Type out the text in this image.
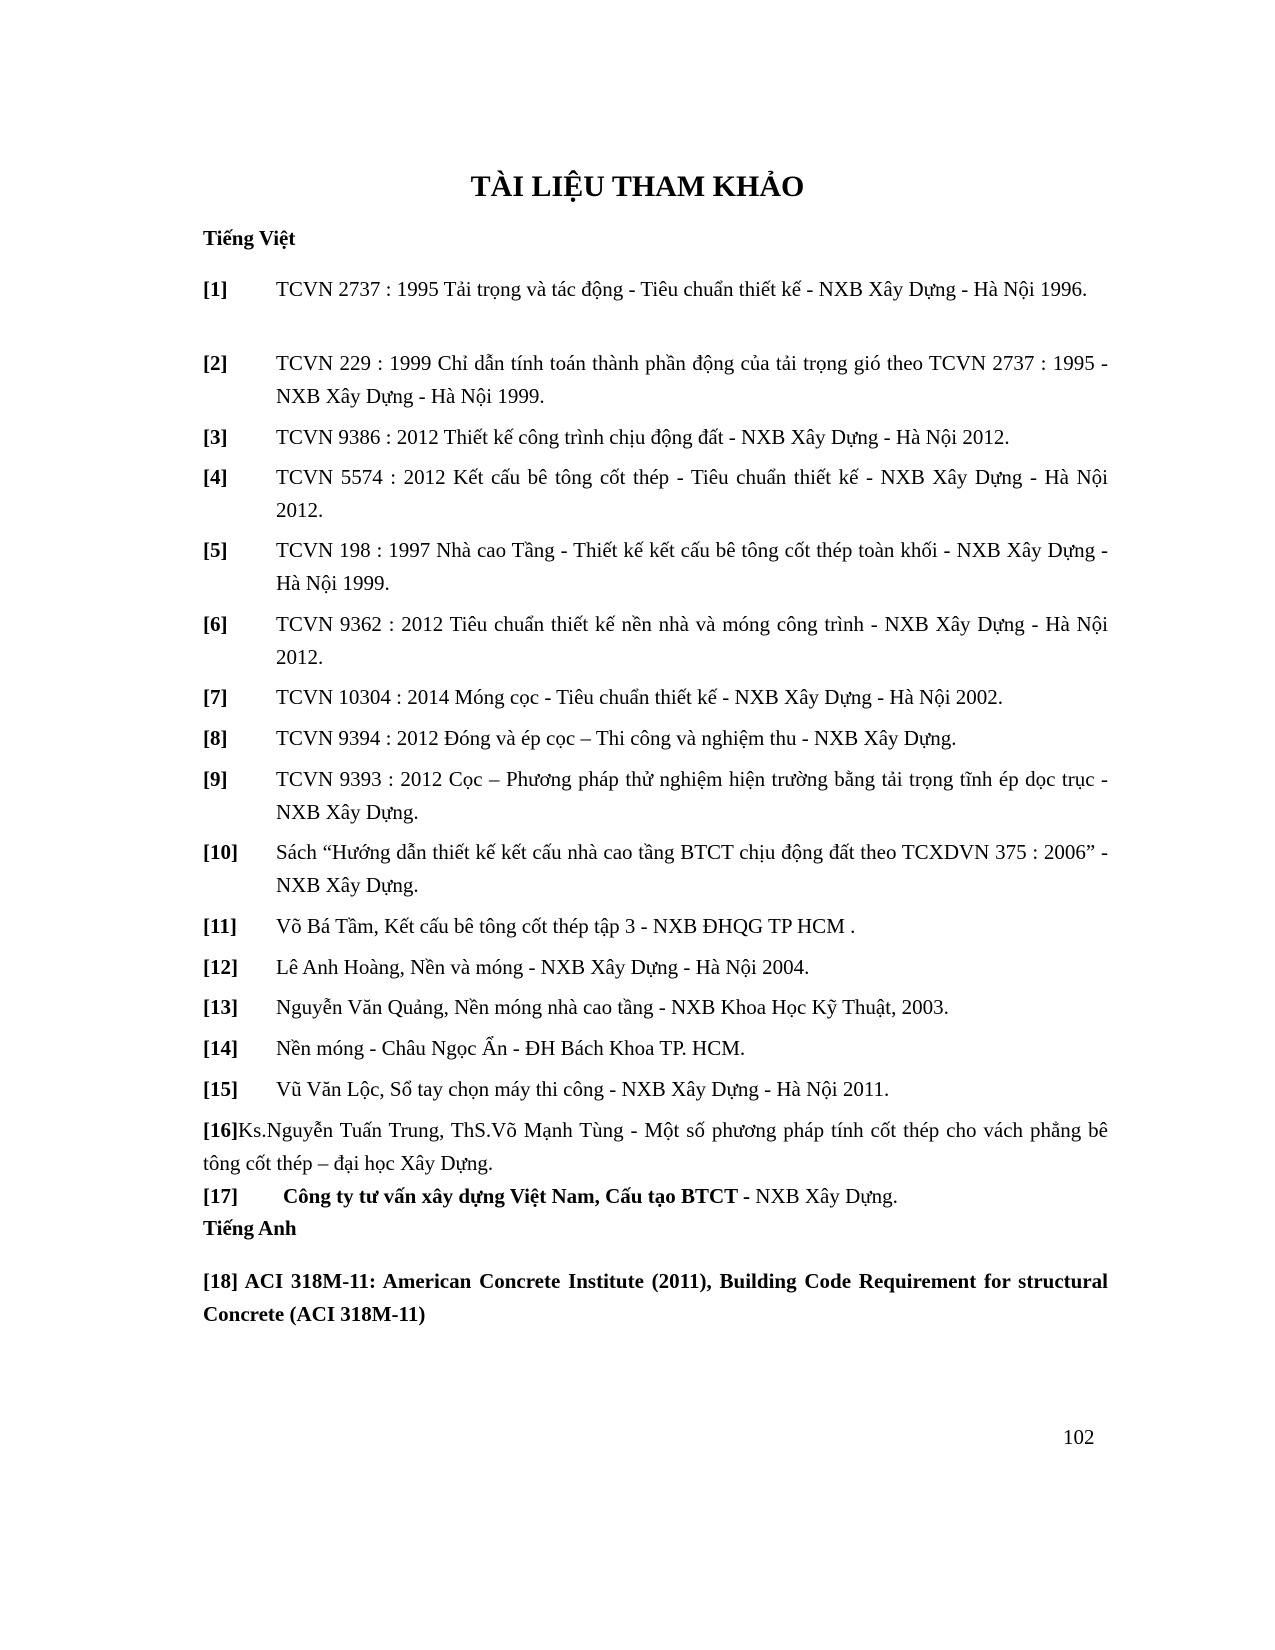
TÀI LIỆU THAM KHẢO
Tiếng Việt
[1] TCVN 2737 : 1995 Tải trọng và tác động - Tiêu chuẩn thiết kế - NXB Xây Dựng - Hà Nội 1996.
[2] TCVN 229 : 1999 Chỉ dẫn tính toán thành phần động của tải trọng gió theo TCVN 2737 : 1995 - NXB Xây Dựng - Hà Nội 1999.
[3] TCVN 9386 : 2012 Thiết kế công trình chịu động đất - NXB Xây Dựng - Hà Nội 2012.
[4] TCVN 5574 : 2012 Kết cấu bê tông cốt thép - Tiêu chuẩn thiết kế - NXB Xây Dựng - Hà Nội 2012.
[5] TCVN 198 : 1997 Nhà cao Tầng - Thiết kế kết cấu bê tông cốt thép toàn khối - NXB Xây Dựng - Hà Nội 1999.
[6] TCVN 9362 : 2012 Tiêu chuẩn thiết kế nền nhà và móng công trình - NXB Xây Dựng - Hà Nội 2012.
[7] TCVN 10304 : 2014 Móng cọc - Tiêu chuẩn thiết kế - NXB Xây Dựng - Hà Nội 2002.
[8] TCVN 9394 : 2012 Đóng và ép cọc – Thi công và nghiệm thu - NXB Xây Dựng.
[9] TCVN 9393 : 2012 Cọc – Phương pháp thử nghiệm hiện trường bằng tải trọng tĩnh ép dọc trục - NXB Xây Dựng.
[10] Sách “Hướng dẫn thiết kế kết cấu nhà cao tầng BTCT chịu động đất theo TCXDVN 375 : 2006” - NXB Xây Dựng.
[11] Võ Bá Tầm, Kết cấu bê tông cốt thép tập 3 - NXB ĐHQG TP HCM .
[12] Lê Anh Hoàng, Nền và móng - NXB Xây Dựng - Hà Nội 2004.
[13] Nguyễn Văn Quảng, Nền móng nhà cao tầng - NXB Khoa Học Kỹ Thuật, 2003.
[14] Nền móng - Châu Ngọc Ẩn - ĐH Bách Khoa TP. HCM.
[15] Vũ Văn Lộc, Sổ tay chọn máy thi công - NXB Xây Dựng - Hà Nội 2011.
[16]Ks.Nguyễn Tuấn Trung, ThS.Võ Mạnh Tùng - Một số phương pháp tính cốt thép cho vách phẳng bê tông cốt thép – đại học Xây Dựng.
[17] Công ty tư vấn xây dựng Việt Nam, Cấu tạo BTCT - NXB Xây Dựng.
Tiếng Anh
[18] ACI 318M-11: American Concrete Institute (2011), Building Code Requirement for structural Concrete (ACI 318M-11)
102
